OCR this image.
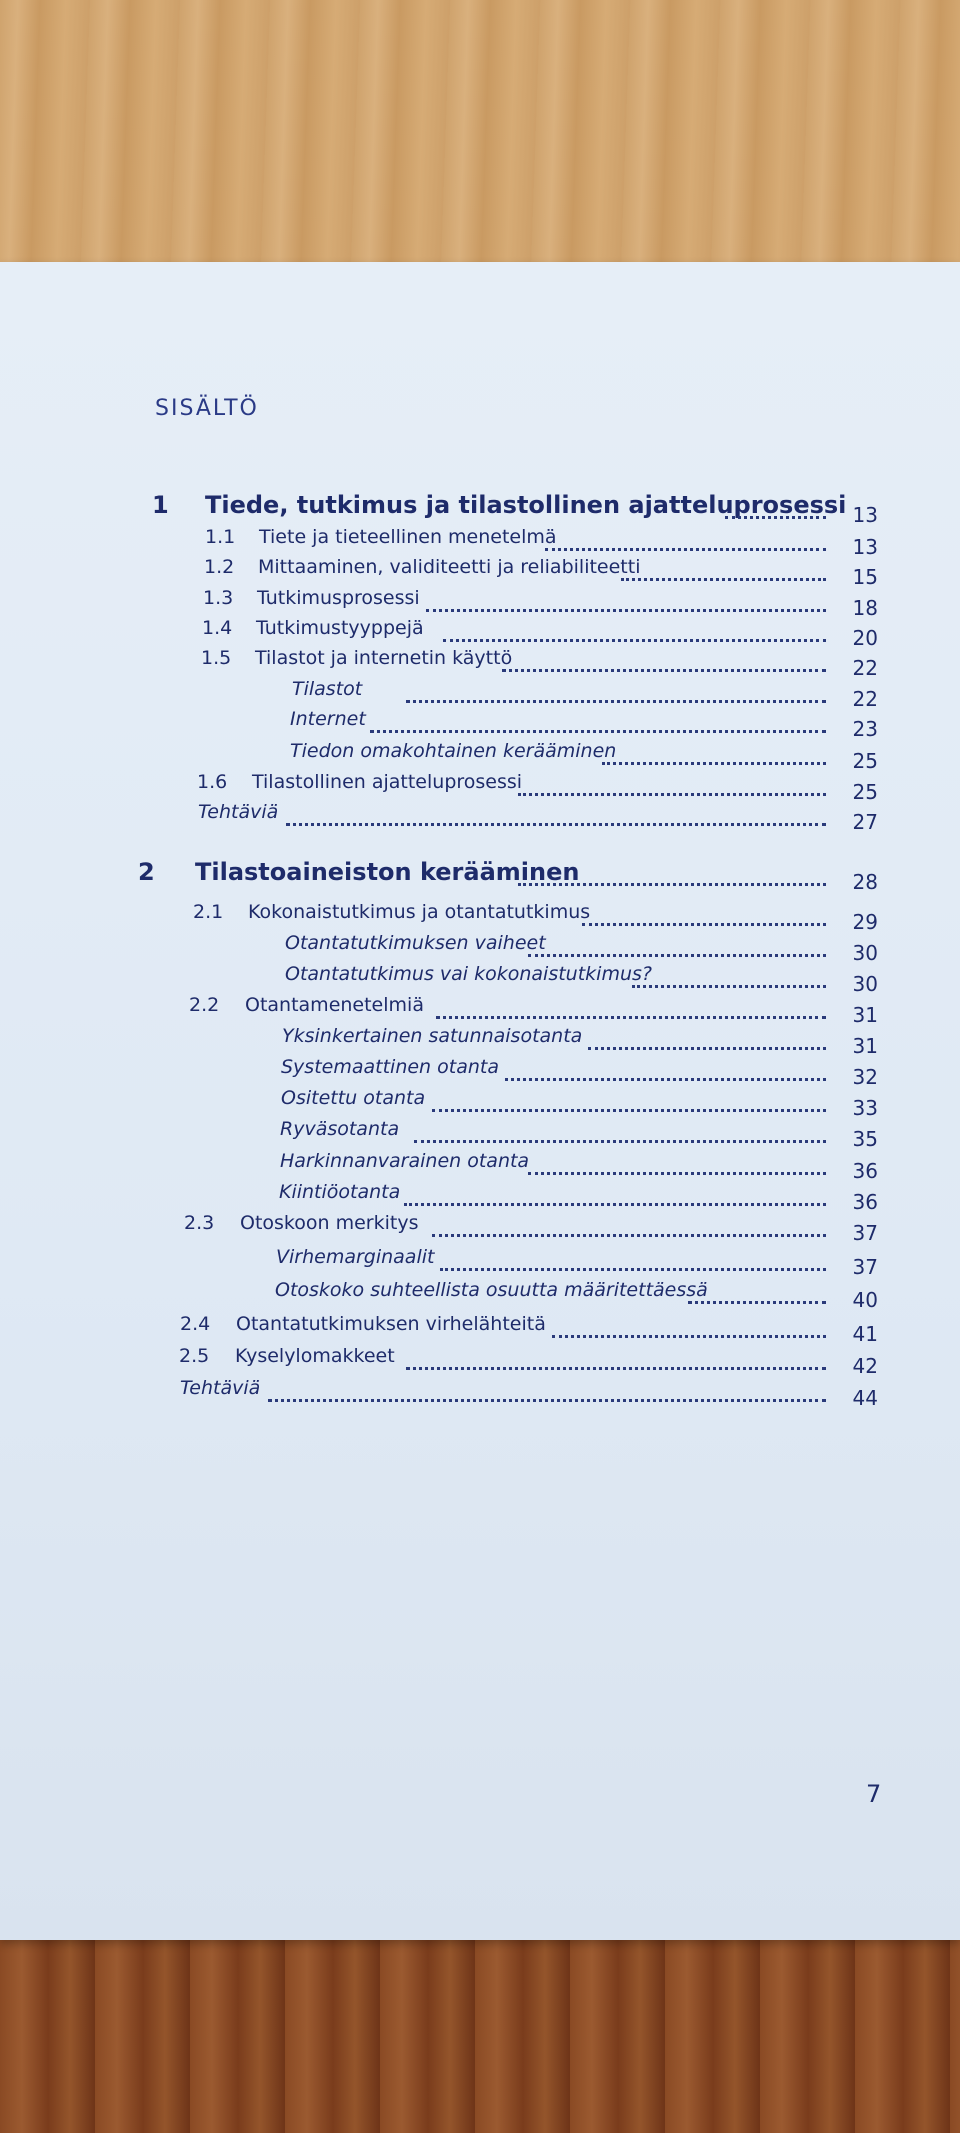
SISÄLTÖ
1 Tiede, tutkimus ja tilastollinen ajatteluprosessi 13
1.1 Tiete ja tieteellinen menetelmä	13
1.2 Mittaaminen, validiteetti ja reliabiliteetti	15
1.3 Tutkimusprosessi	18
1.4 Tutkimustyyppejä	20
1.5 Tilastot ja internetin käyttö	22
Tilastot	22
Internet	23
Tiedon omakohtainen kerääminen	25
1.6 Tilastollinen ajatteluprosessi	25
Tehtäviä	27
2 Tilastoaineiston kerääminen	28
2.1 Kokonaistutkimus ja otantatutkimus	29
Otantatutkimuksen vaiheet	30
Otantatutkimus vai kokonaistutkimus?	30
2.2 Otantamenetelmiä	31
Yksinkertainen satunnaisotanta	31
Systemaattinen otanta	32
Ositettu otanta	33
Ryväsotanta	35
Harkinnanvarainen otanta	36
Kiintiöotanta	36
2.3 Otoskoon merkitys	37
Virhemarginaalit	37
Otoskoko suhteellista osuutta määritettäessä	40
2.4 Otantatutkimuksen virhelähteitä	41
2.5 Kyselylomakkeet	42
Tehtäviä	44
7
